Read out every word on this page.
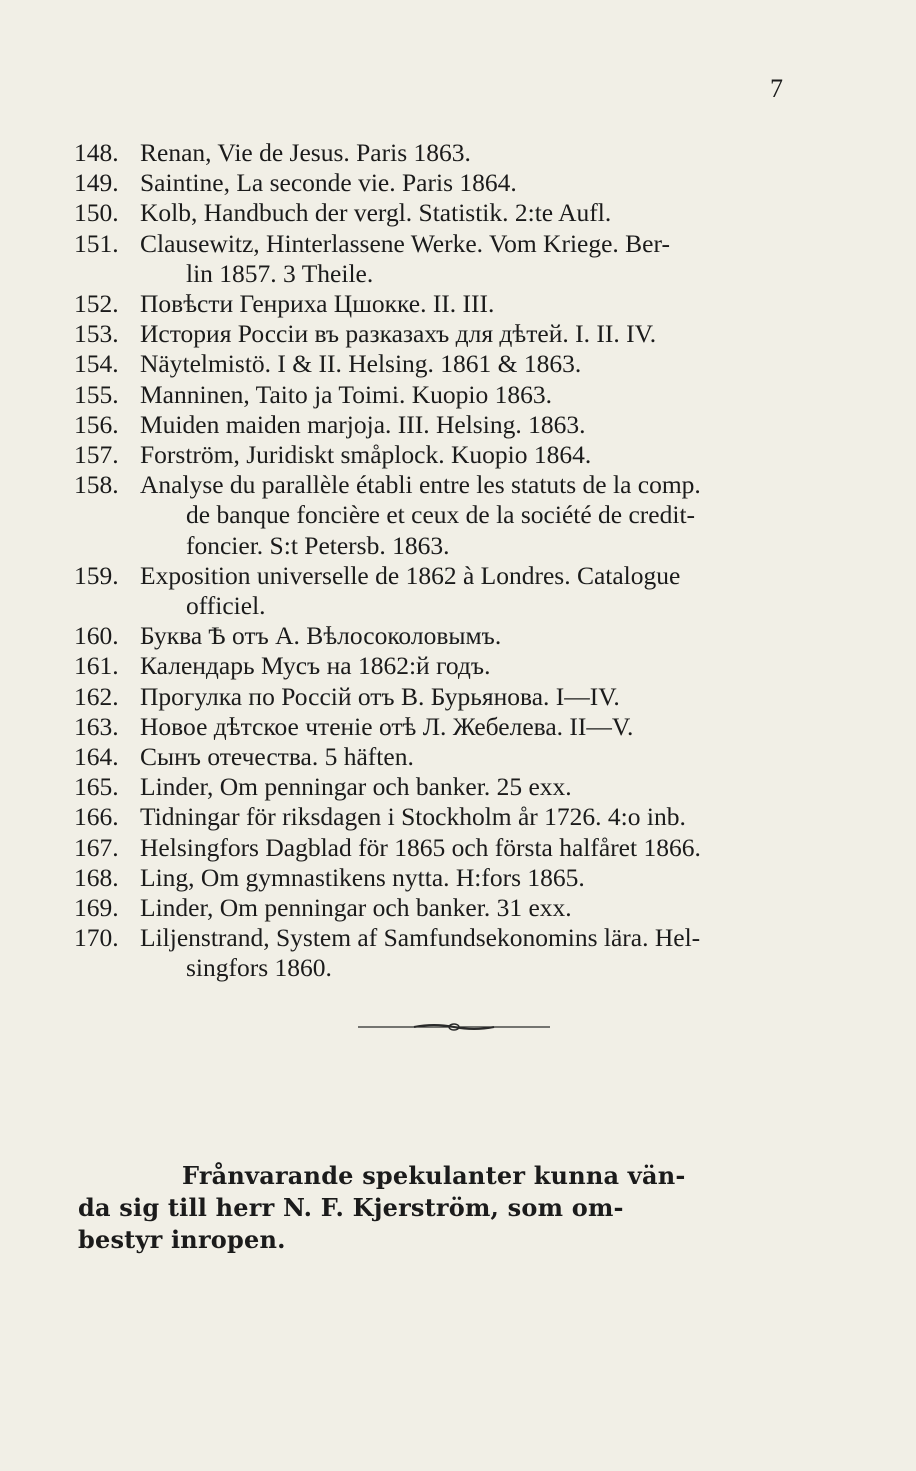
7
148. Renan, Vie de Jesus. Paris 1863.
149. Saintine, La seconde vie. Paris 1864.
150. Kolb, Handbuch der vergl. Statistik. 2:te Aufl.
151. Clausewitz, Hinterlassene Werke. Vom Kriege. Ber-
lin 1857. 3 Theile.
152. Повѣсти Генриха Цшокке. II. III.
153. История Россiи въ разказахъ для дѣтей. I. II. IV.
154. Näytelmistö. I & II. Helsing. 1861 & 1863.
155. Manninen, Taito ja Toimi. Kuopio 1863.
156. Muiden maiden marjoja. III. Helsing. 1863.
157. Forström, Juridiskt småplock. Kuopio 1864.
158. Analyse du parallèle établi entre les statuts de la comp.
de banque foncière et ceux de la société de credit-
foncier. S:t Petersb. 1863.
159. Exposition universelle de 1862 à Londres. Catalogue
officiel.
160. Буква Ѣ отъ А. Вѣлосоколовымъ.
161. Календарь Мусъ на 1862:й годъ.
162. Прогулка по Россiй отъ В. Бурьянова. I—IV.
163. Новое дѣтское чтенiе отѣ Л. Жебелева. II—V.
164. Сынъ отечества. 5 häften.
165. Linder, Om penningar och banker. 25 exx.
166. Tidningar för riksdagen i Stockholm år 1726. 4:o inb.
167. Helsingfors Dagblad för 1865 och första halfåret 1866.
168. Ling, Om gymnastikens nytta. H:fors 1865.
169. Linder, Om penningar och banker. 31 exx.
170. Liljenstrand, System af Samfundsekonomins lära. Hel-
singfors 1860.
Frånvarande spekulanter kunna vän-
da sig till herr N. F. Kjerström, som om-
bestyr inropen.
